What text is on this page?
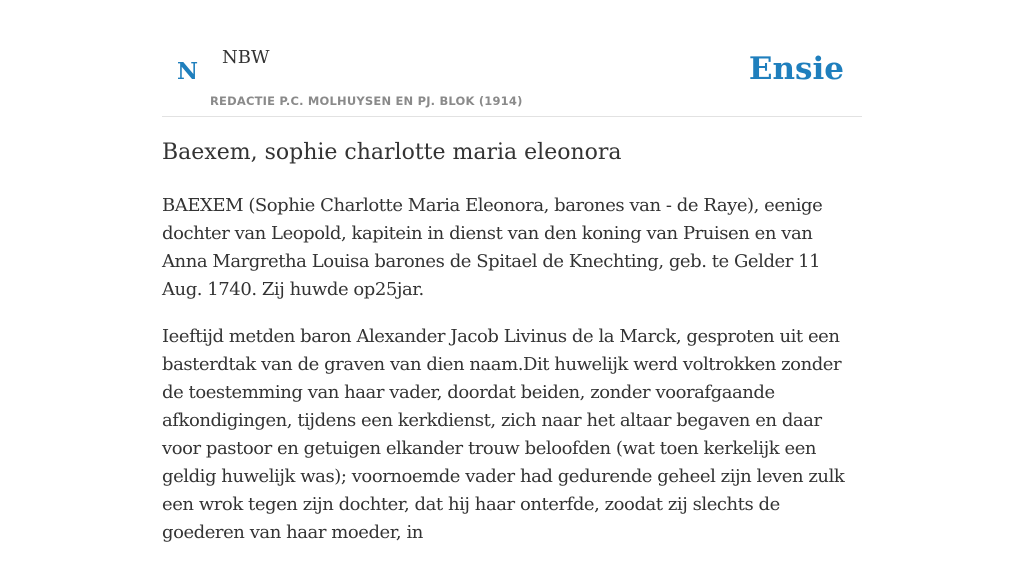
N
NBW
REDACTIE P.C. MOLHUYSEN EN PJ. BLOK (1914)
Ensie
Baexem, sophie charlotte maria eleonora

BAEXEM (Sophie Charlotte Maria Eleonora, barones van - de Raye), eenige dochter van Leopold, kapitein in dienst van den koning van Pruisen en van Anna Margretha Louisa barones de Spitael de Knechting, geb. te Gelder 11 Aug. 1740. Zij huwde op25jar.

Ieeftijd metden baron Alexander Jacob Livinus de la Marck, gesproten uit een basterdtak van de graven van dien naam.Dit huwelijk werd voltrokken zonder de toestemming van haar vader, doordat beiden, zonder voorafgaande afkondigingen, tijdens een kerkdienst, zich naar het altaar begaven en daar voor pastoor en getuigen elkander trouw beloofden (wat toen kerkelijk een geldig huwelijk was); voornoemde vader had gedurende geheel zijn leven zulk een wrok tegen zijn dochter, dat hij haar onterfde, zoodat zij slechts de goederen van haar moeder, in
